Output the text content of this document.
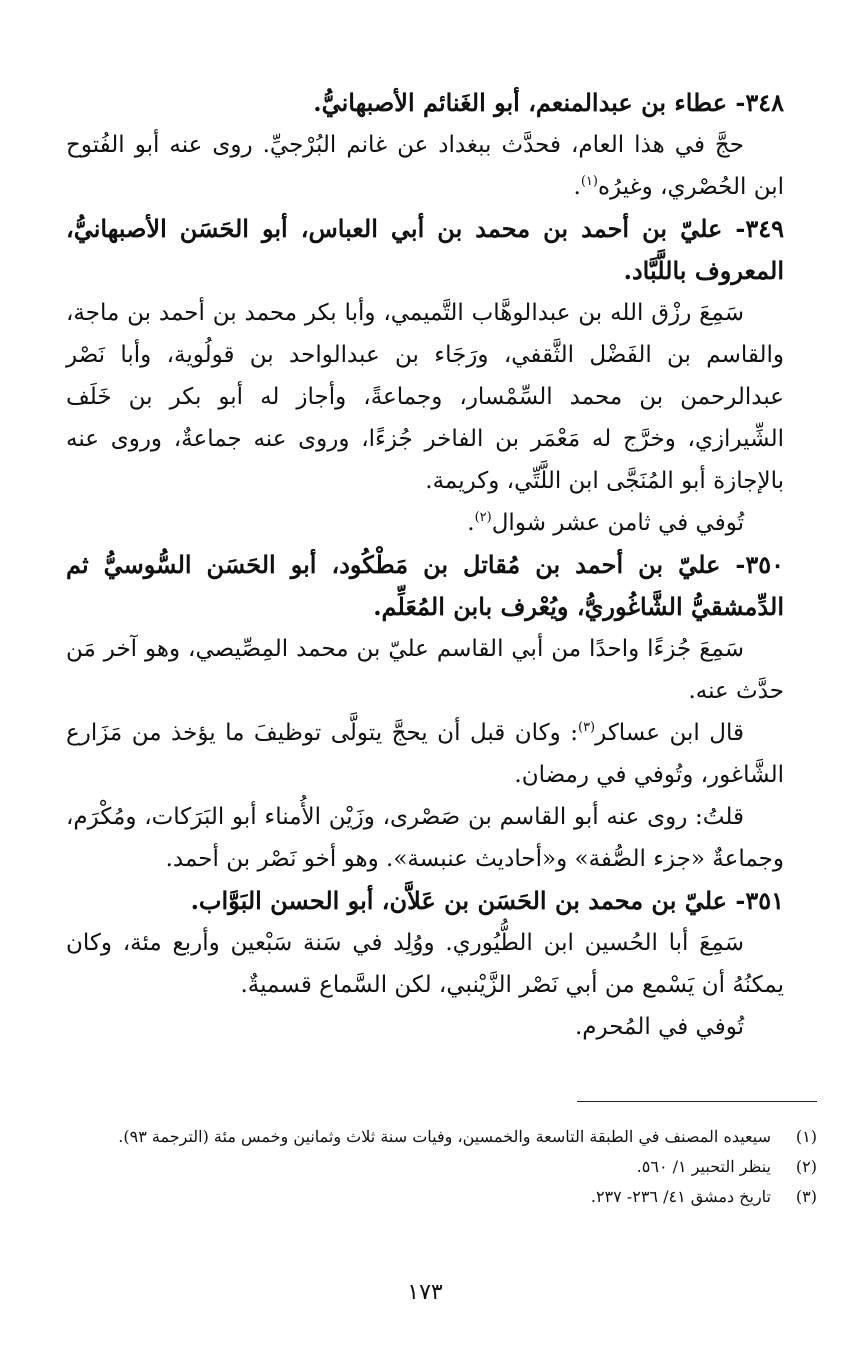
٣٤٨- عطاء بن عبدالمنعم، أبو الغَنائم الأصبهانيُّ.

حجَّ في هذا العام، فحدَّث ببغداد عن غانم البُرْجيِّ. روى عنه أبو الفُتوح ابن الحُصْري، وغيرُه$^{(١)}$.

٣٤٩- عليّ بن أحمد بن محمد بن أبي العباس، أبو الحَسَن الأصبهانيُّ، المعروف باللَّبَّاد.

سَمِعَ رزْق الله بن عبدالوهَّاب التَّميمي، وأبا بكر محمد بن أحمد بن ماجة، والقاسم بن الفَضْل الثَّقفي، ورَجَاء بن عبدالواحد بن قولُوية، وأبا نَصْر عبدالرحمن بن محمد السِّمْسار، وجماعةً، وأجاز له أبو بكر بن خَلَف الشِّيرازي، وخرَّج له مَعْمَر بن الفاخر جُزءًا، وروى عنه جماعةٌ، وروى عنه بالإجازة أبو المُنَجَّى ابن اللَّتِّي، وكريمة.

تُوفي في ثامن عشر شوال$^{(٢)}$.

٣٥٠- عليّ بن أحمد بن مُقاتل بن مَطْكُود، أبو الحَسَن السُّوسيُّ ثم الدِّمشقيُّ الشَّاغُوريُّ، ويُعْرف بابن المُعَلِّم.

سَمِعَ جُزءًا واحدًا من أبي القاسم عليّ بن محمد المِصِّيصي، وهو آخر مَن حدَّث عنه.

قال ابن عساكر$^{(٣)}$: وكان قبل أن يحجَّ يتولَّى توظيفَ ما يؤخذ من مَزَارع الشَّاغور، وتُوفي في رمضان.

قلتُ: روى عنه أبو القاسم بن صَصْرى، وزَيْن الأُمناء أبو البَرَكات، ومُكْرَم، وجماعةٌ «جزء الصُّفة» و«أحاديث عنبسة». وهو أخو نَصْر بن أحمد.

٣٥١- عليّ بن محمد بن الحَسَن بن عَلاَّن، أبو الحسن البَوَّاب.

سَمِعَ أبا الحُسين ابن الطُّيُوري. ووُلِد في سَنة سَبْعين وأربع مئة، وكان يمكنُهُ أن يَسْمع من أبي نَصْر الزَّيْنبي، لكن السَّماع قسميةٌ.

تُوفي في المُحرم.

(١)
سيعيده المصنف في الطبقة التاسعة والخمسين، وفيات سنة ثلاث وثمانين وخمس مئة (الترجمة ٩٣).
(٢)
ينظر التحبير ١/ ٥٦٠.
(٣)
تاريخ دمشق ٤١/ ٢٣٦- ٢٣٧.
١٧٣
